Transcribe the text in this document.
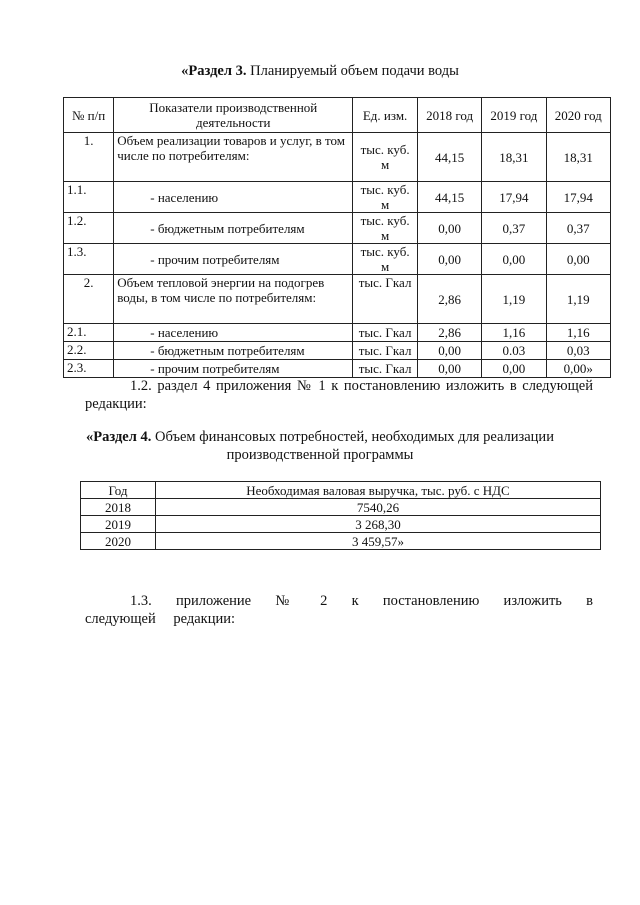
«Раздел 3. Планируемый объем подачи воды
№ п/п	Показатели производственной деятельности	Ед. изм.	2018 год	2019 год	2020 год
1.	Объем реализации товаров и услуг, в том числе по потребителям:	тыс. куб. м	44,15	18,31	18,31
1.1.	- населению	тыс. куб. м	44,15	17,94	17,94
1.2.	- бюджетным потребителям	тыс. куб. м	0,00	0,37	0,37
1.3.	- прочим потребителям	тыс. куб. м	0,00	0,00	0,00
2.	Объем тепловой энергии на подогрев воды, в том числе по потребителям:	тыс. Гкал	2,86	1,19	1,19
2.1.	- населению	тыс. Гкал	2,86	1,16	1,16
2.2.	- бюджетным потребителям	тыс. Гкал	0,00	0.03	0,03
2.3.	- прочим потребителям	тыс. Гкал	0,00	0,00	0,00»
1.2. раздел 4 приложения № 1 к постановлению изложить в следующей редакции:
«Раздел 4. Объем финансовых потребностей, необходимых для реализации
производственной программы
Год	Необходимая валовая выручка, тыс. руб. с НДС
2018	7540,26
2019	3 268,30
2020	3 459,57»
1.3. приложение № 2 к постановлению изложить в следующей редакции:
